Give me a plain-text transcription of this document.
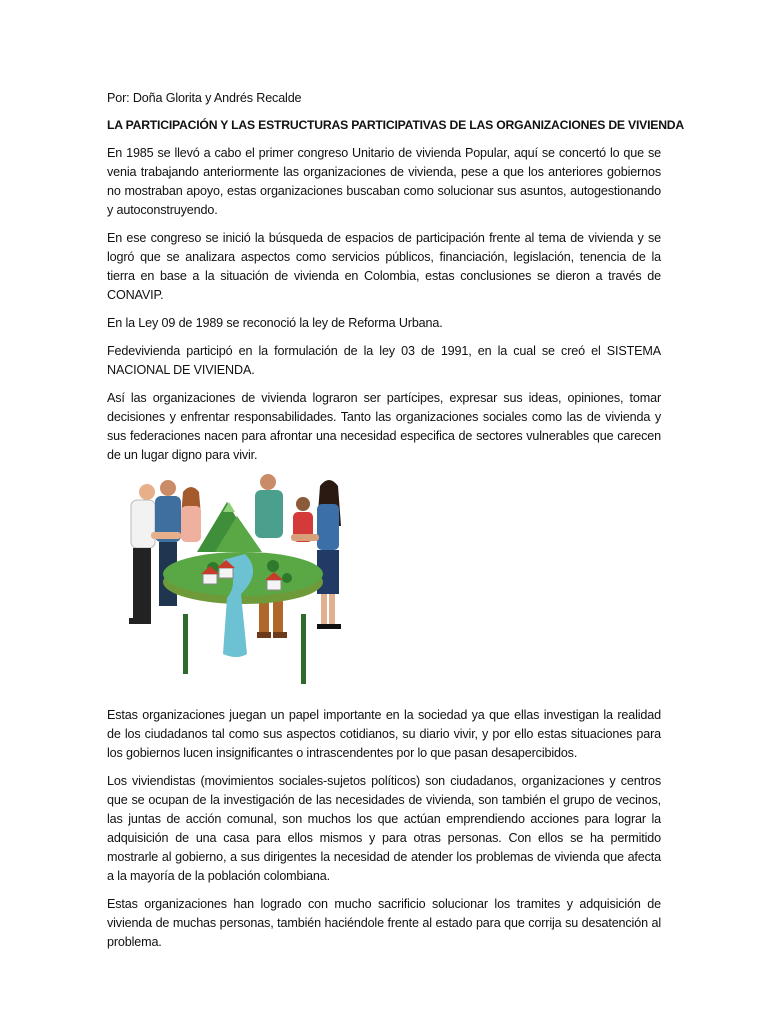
Por: Doña Glorita y Andrés Recalde

LA PARTICIPACIÓN Y LAS ESTRUCTURAS PARTICIPATIVAS DE LAS ORGANIZACIONES DE VIVIENDA

En 1985 se llevó a cabo el primer congreso Unitario de vivienda Popular, aquí se concertó lo que se venia trabajando anteriormente las organizaciones de vivienda, pese a que los anteriores gobiernos no mostraban apoyo, estas organizaciones buscaban como solucionar sus asuntos, autogestionando y autoconstruyendo.

En ese congreso se inició la búsqueda de espacios de participación frente al tema de vivienda y se logró que se analizara aspectos como servicios públicos, financiación, legislación, tenencia de la tierra en base a la situación de vivienda en Colombia, estas conclusiones se dieron a través de CONAVIP.

En la Ley 09 de 1989 se reconoció la ley de Reforma Urbana.

Fedevivienda participó en la formulación de la ley 03 de 1991, en la cual se creó el SISTEMA NACIONAL DE VIVIENDA.

Así las organizaciones de vivienda lograron ser partícipes, expresar sus ideas, opiniones, tomar decisiones y enfrentar responsabilidades. Tanto las organizaciones sociales como las de vivienda y sus federaciones nacen para afrontar una necesidad especifica de sectores vulnerables que carecen de un lugar digno para vivir.

Estas organizaciones juegan un papel importante en la sociedad ya que ellas investigan la realidad de los ciudadanos tal como sus aspectos cotidianos, su diario vivir, y por ello estas situaciones para los gobiernos lucen insignificantes o intrascendentes por lo que pasan desapercibidos.

Los viviendistas (movimientos sociales-sujetos políticos) son ciudadanos, organizaciones y centros que se ocupan de la investigación de las necesidades de vivienda, son también el grupo de vecinos, las juntas de acción comunal, son muchos los que actúan emprendiendo acciones para lograr la adquisición de una casa para ellos mismos y para otras personas. Con ellos se ha permitido mostrarle al gobierno, a sus dirigentes la necesidad de atender los problemas de vivienda que afecta a la mayoría de la población colombiana.

Estas organizaciones han logrado con mucho sacrificio solucionar los tramites y adquisición de vivienda de muchas personas, también haciéndole frente al estado para que corrija su desatención al problema.
